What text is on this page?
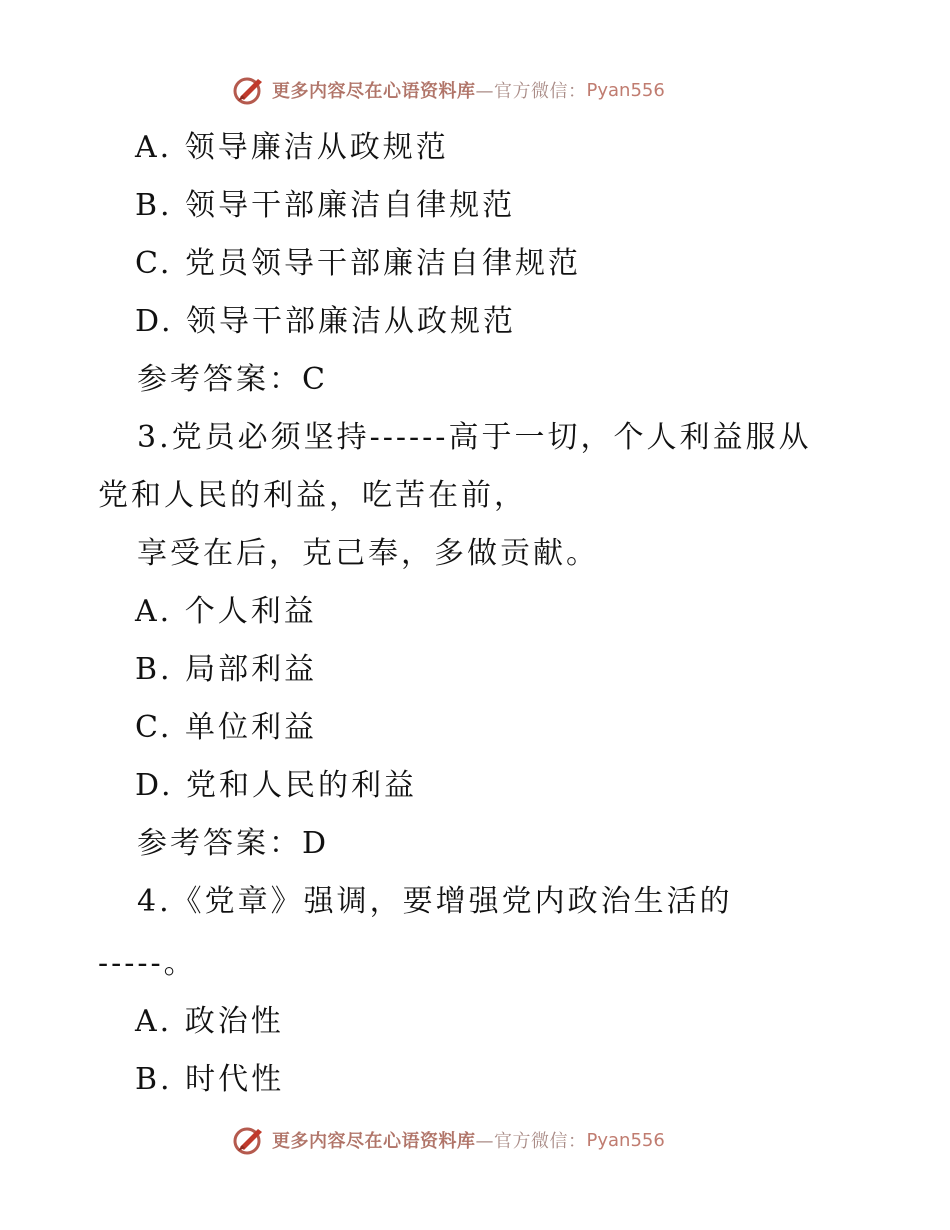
更多内容尽在心语资料库 —官方微信： Pyan556
A. 领导廉洁从政规范
B. 领导干部廉洁自律规范
C. 党员领导干部廉洁自律规范
D. 领导干部廉洁从政规范
参考答案：C
3.党员必须坚持------高于一切，个人利益服从
党和人民的利益，吃苦在前，
享受在后，克己奉，多做贡献。
A. 个人利益
B. 局部利益
C. 单位利益
D. 党和人民的利益
参考答案：D
4.《党章》强调，要增强党内政治生活的
-----。
A. 政治性
B. 时代性
更多内容尽在心语资料库 —官方微信： Pyan556
